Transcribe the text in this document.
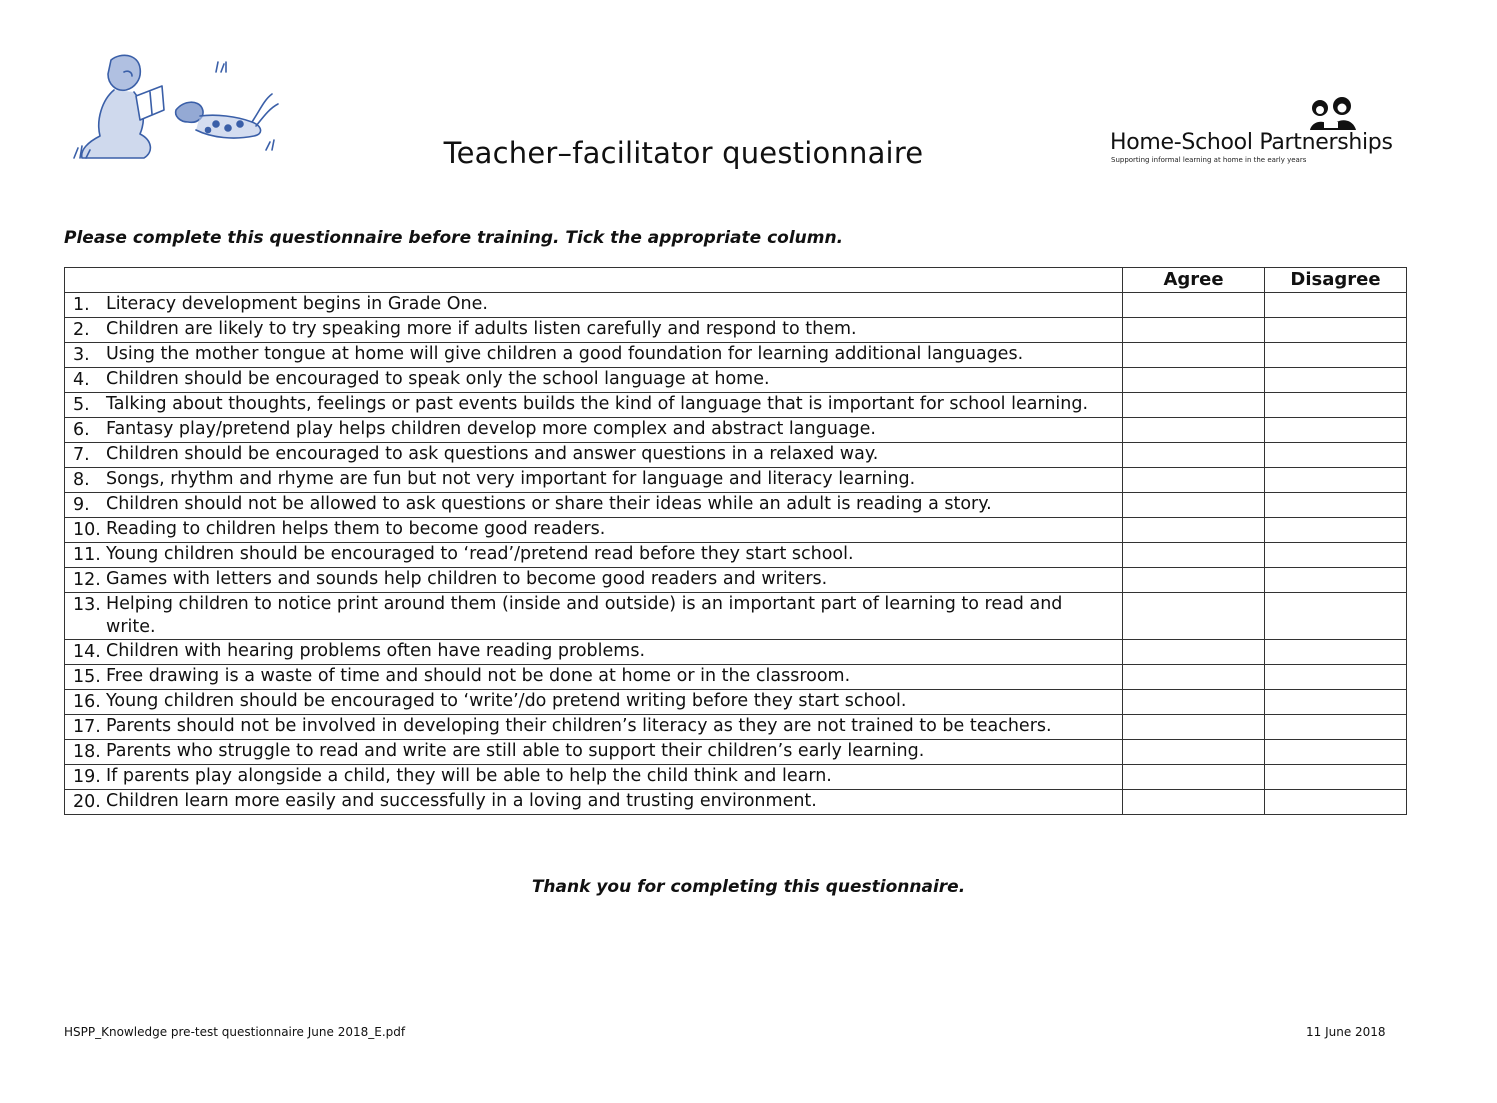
Teacher–facilitator questionnaire	Home-School Partnerships
Supporting informal learning at home in the early years
Please complete this questionnaire before training. Tick the appropriate column.
	Agree	Disagree

1. Literacy development begins in Grade One.		

2. Children are likely to try speaking more if adults listen carefully and respond to them.		

3. Using the mother tongue at home will give children a good foundation for learning additional languages.		

4. Children should be encouraged to speak only the school language at home.		

5. Talking about thoughts, feelings or past events builds the kind of language that is important for school learning.		

6. Fantasy play/pretend play helps children develop more complex and abstract language.		

7. Children should be encouraged to ask questions and answer questions in a relaxed way.		

8. Songs, rhythm and rhyme are fun but not very important for language and literacy learning.		

9. Children should not be allowed to ask questions or share their ideas while an adult is reading a story.		

10. Reading to children helps them to become good readers.		

11. Young children should be encouraged to ‘read’/pretend read before they start school.		

12. Games with letters and sounds help children to become good readers and writers.		

13. Helping children to notice print around them (inside and outside) is an important part of learning to read and write.		

14. Children with hearing problems often have reading problems.		

15. Free drawing is a waste of time and should not be done at home or in the classroom.		

16. Young children should be encouraged to ‘write’/do pretend writing before they start school.		

17. Parents should not be involved in developing their children’s literacy as they are not trained to be teachers.		

18. Parents who struggle to read and write are still able to support their children’s early learning.		

19. If parents play alongside a child, they will be able to help the child think and learn.		

20. Children learn more easily and successfully in a loving and trusting environment.		

Thank you for completing this questionnaire.
HSPP_Knowledge pre-test questionnaire June 2018_E.pdf	11 June 2018
